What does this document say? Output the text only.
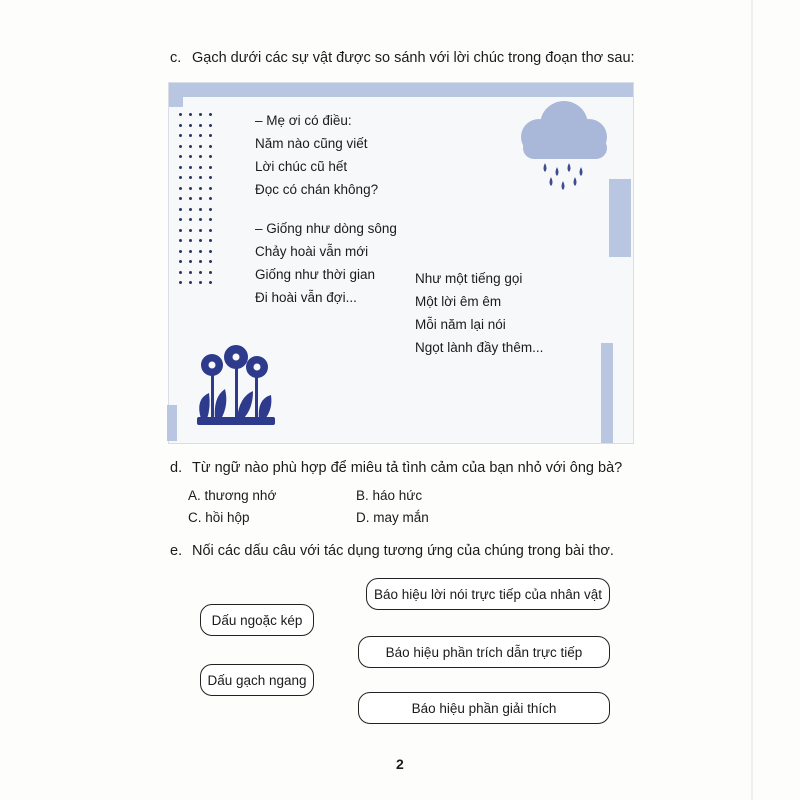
c. Gạch dưới các sự vật được so sánh với lời chúc trong đoạn thơ sau:
– Mẹ ơi có điều:
Năm nào cũng viết
Lời chúc cũ hết
Đọc có chán không?
– Giống như dòng sông
Chảy hoài vẫn mới
Giống như thời gian
Đi hoài vẫn đợi...
Như một tiếng gọi
Một lời êm êm
Mỗi năm lại nói
Ngọt lành đầy thêm...
d. Từ ngữ nào phù hợp để miêu tả tình cảm của bạn nhỏ với ông bà?
A. thương nhớ	B. háo hức
C. hồi hộp	D. may mắn
e. Nối các dấu câu với tác dụng tương ứng của chúng trong bài thơ.
Dấu ngoặc kép
Dấu gạch ngang
Báo hiệu lời nói trực tiếp của nhân vật
Báo hiệu phần trích dẫn trực tiếp
Báo hiệu phần giải thích
2
